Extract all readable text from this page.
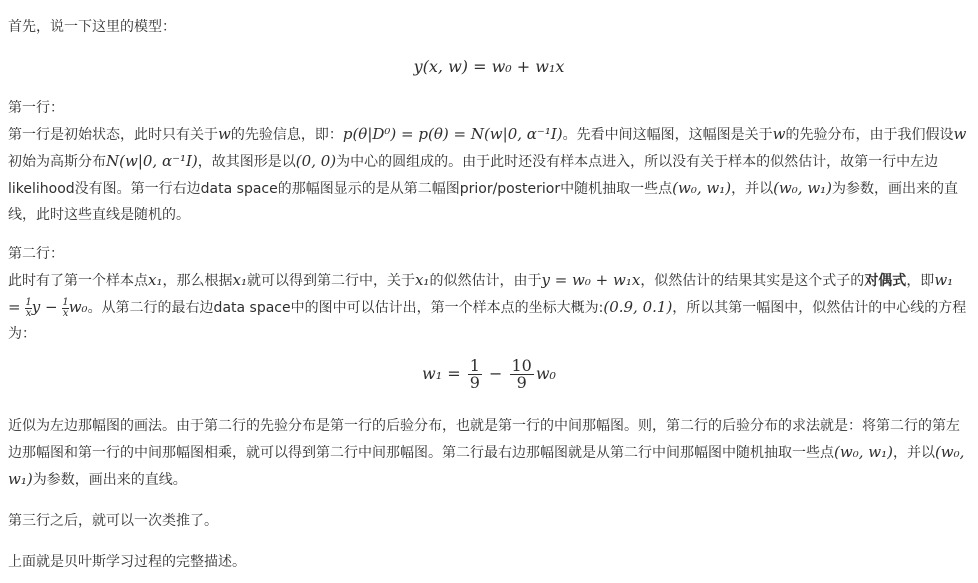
首先，说一下这里的模型：

y(x, w) = w₀ + w₁x

第一行：

第一行是初始状态，此时只有关于w的先验信息，即：p(θ|D⁰) = p(θ) = N(w|0, α⁻¹I)。先看中间这幅图，这幅图是关于w的先验分布，由于我们假设w初始为高斯分布N(w|0, α⁻¹I)，故其图形是以(0, 0)为中心的圆组成的。由于此时还没有样本点进入，所以没有关于样本的似然估计，故第一行中左边likelihood没有图。第一行右边data space的那幅图显示的是从第二幅图prior/posterior中随机抽取一些点(w₀, w₁)，并以(w₀, w₁)为参数，画出来的直线，此时这些直线是随机的。

第二行：

此时有了第一个样本点x₁，那么根据x₁就可以得到第二行中，关于x₁的似然估计，由于y = w₀ + w₁x，似然估计的结果其实是这个式子的对偶式，即$w_1 = \frac{1}{x}$ $y - \frac{1}{x} w_0$。从第二行的最右边data space中的图中可以估计出，第一个样本点的坐标大概为:(0.9, 0.1)，所以其第一幅图中，似然估计的中心线的方程为：

$w_1 = \frac{1}{9} - \frac{10}{9} w_0$

近似为左边那幅图的画法。由于第二行的先验分布是第一行的后验分布，也就是第一行的中间那幅图。则，第二行的后验分布的求法就是：将第二行的第左边那幅图和第一行的中间那幅图相乘，就可以得到第二行中间那幅图。第二行最右边那幅图就是从第二行中间那幅图中随机抽取一些点(w₀, w₁)，并以(w₀, w₁)为参数，画出来的直线。

第三行之后，就可以一次类推了。

上面就是贝叶斯学习过程的完整描述。
